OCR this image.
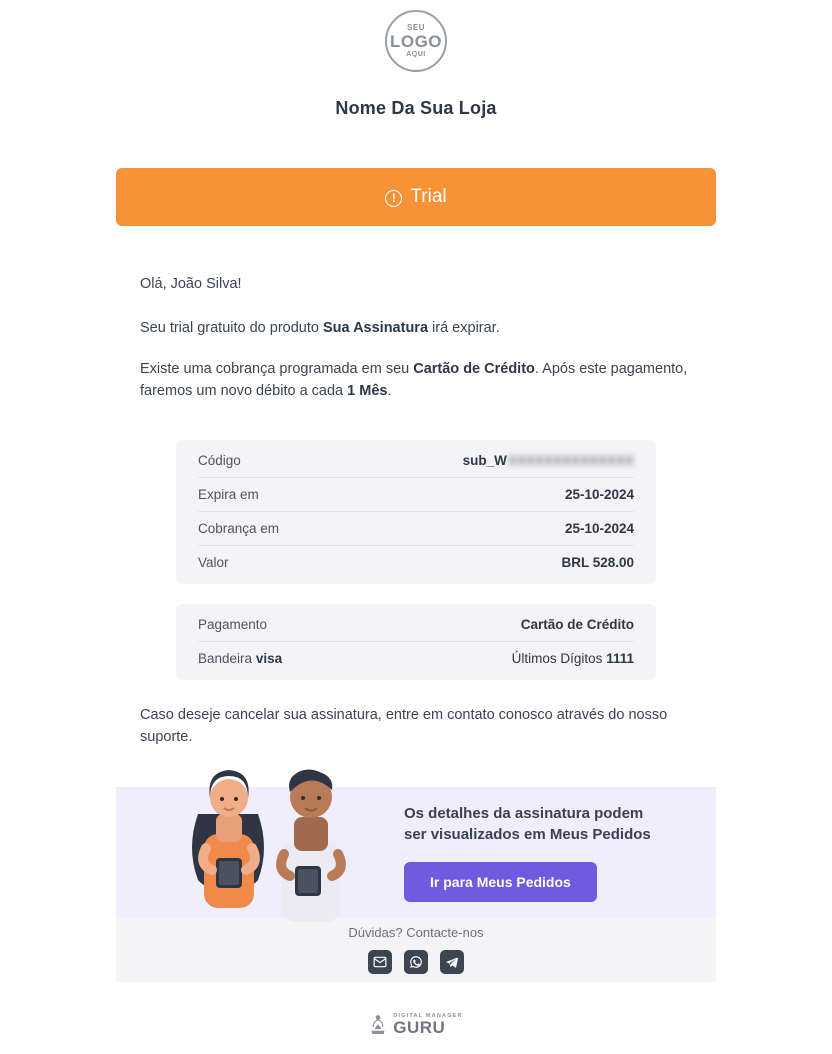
SEU
LOGO
AQUI
Nome Da Sua Loja
! Trial

Olá, João Silva!

Seu trial gratuito do produto Sua Assinatura irá expirar.

Existe uma cobrança programada em seu Cartão de Crédito. Após este pagamento, faremos um novo débito a cada 1 Mês.

Código	sub_W XXXXXXXXXXXXXX
Expira em	25-10-2024
Cobrança em	25-10-2024
Valor	BRL 528.00
Pagamento	Cartão de Crédito
Bandeira visa	Últimos Dígitos 1111

Caso deseje cancelar sua assinatura, entre em contato conosco através do nosso suporte.

Os detalhes da assinatura podem
ser visualizados em Meus Pedidos
Ir para Meus Pedidos
Dúvidas? Contacte-nos
DIGITAL MANAGER
GURU
